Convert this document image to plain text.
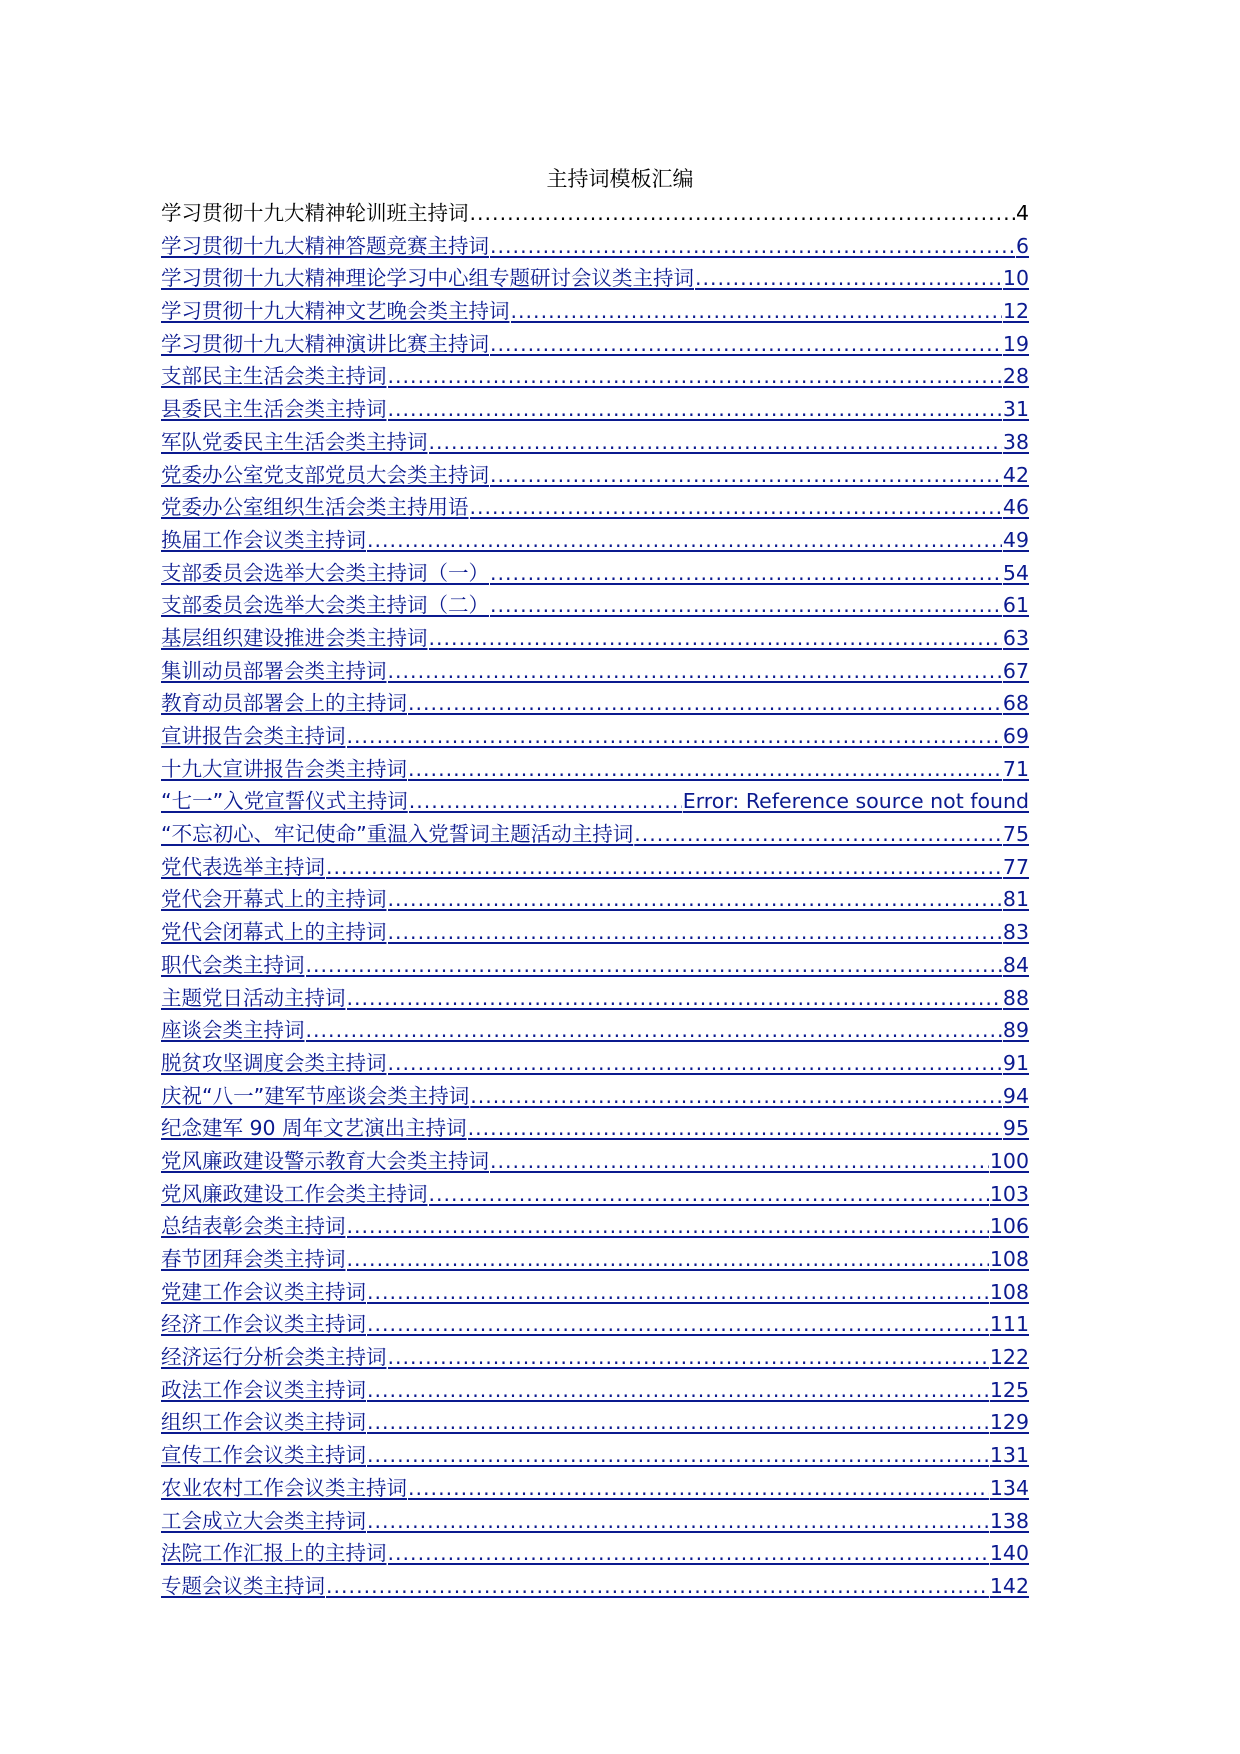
主持词模板汇编
学习贯彻十九大精神轮训班主持词 .....	4
学习贯彻十九大精神答题竞赛主持词 .....	6
学习贯彻十九大精神理论学习中心组专题研讨会议类主持词 .....	10
学习贯彻十九大精神文艺晚会类主持词 .....	12
学习贯彻十九大精神演讲比赛主持词 .....	19
支部民主生活会类主持词 .....	28
县委民主生活会类主持词 .....	31
军队党委民主生活会类主持词 .....	38
党委办公室党支部党员大会类主持词 .....	42
党委办公室组织生活会类主持用语 .....	46
换届工作会议类主持词 .....	49
支部委员会选举大会类主持词（一） .....	54
支部委员会选举大会类主持词（二） .....	61
基层组织建设推进会类主持词 .....	63
集训动员部署会类主持词 .....	67
教育动员部署会上的主持词 .....	68
宣讲报告会类主持词 .....	69
十九大宣讲报告会类主持词 .....	71
“七一”入党宣誓仪式主持词 .....	Error: Reference source not found
“不忘初心、牢记使命”重温入党誓词主题活动主持词 .....	75
党代表选举主持词 .....	77
党代会开幕式上的主持词 .....	81
党代会闭幕式上的主持词 .....	83
职代会类主持词 .....	84
主题党日活动主持词 .....	88
座谈会类主持词 .....	89
脱贫攻坚调度会类主持词 .....	91
庆祝“八一”建军节座谈会类主持词 .....	94
纪念建军 90 周年文艺演出主持词 .....	95
党风廉政建设警示教育大会类主持词 .....	100
党风廉政建设工作会类主持词 .....	103
总结表彰会类主持词 .....	106
春节团拜会类主持词 .....	108
党建工作会议类主持词 .....	108
经济工作会议类主持词 .....	111
经济运行分析会类主持词 .....	122
政法工作会议类主持词 .....	125
组织工作会议类主持词 .....	129
宣传工作会议类主持词 .....	131
农业农村工作会议类主持词 .....	134
工会成立大会类主持词 .....	138
法院工作汇报上的主持词 .....	140
专题会议类主持词 .....	142
